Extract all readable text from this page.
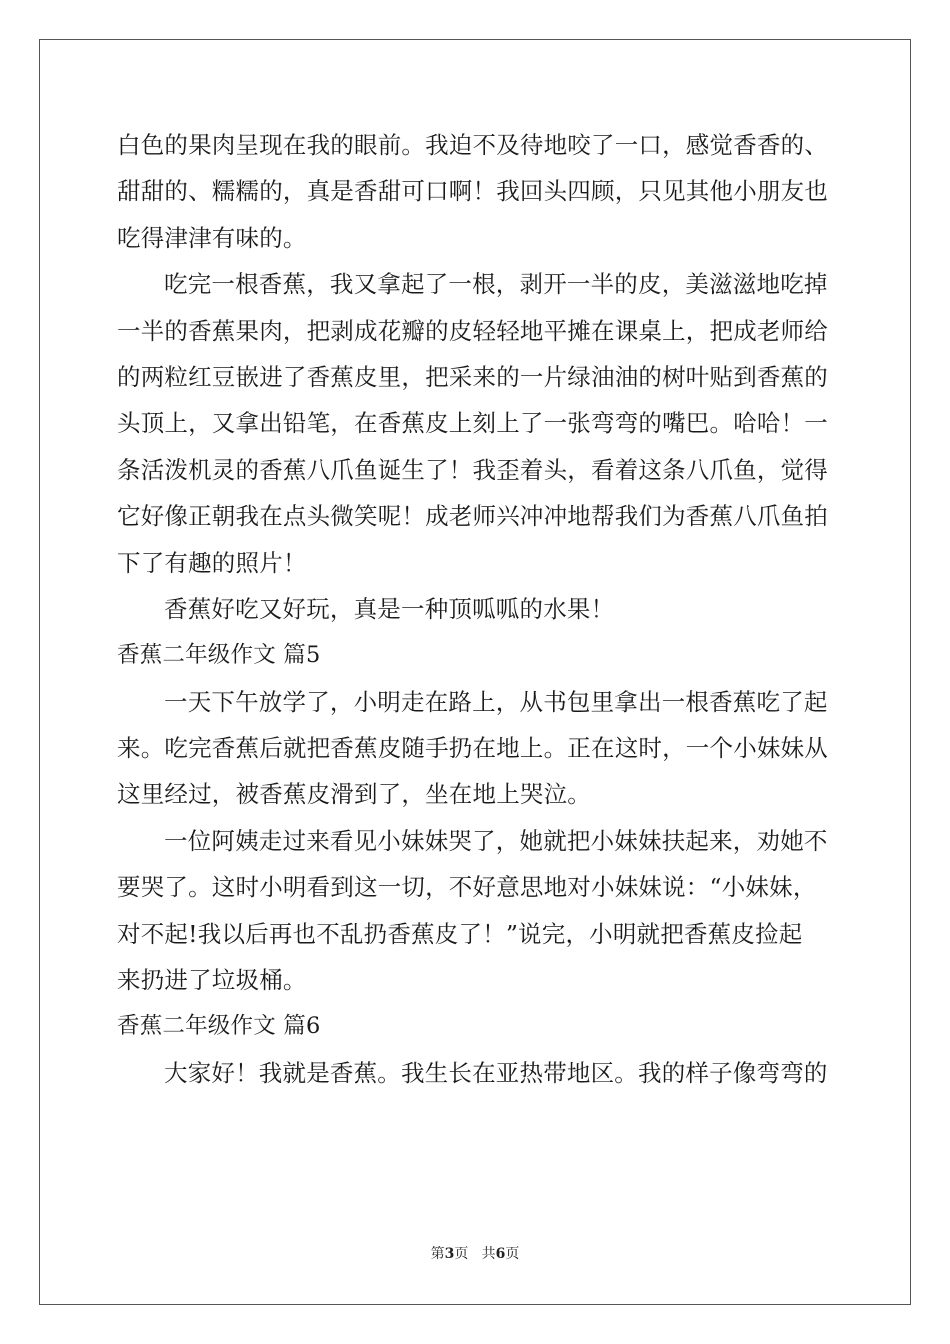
白色的果肉呈现在我的眼前。我迫不及待地咬了一口，感觉香香的、
甜甜的、糯糯的，真是香甜可口啊！我回头四顾，只见其他小朋友也
吃得津津有味的。
吃完一根香蕉，我又拿起了一根，剥开一半的皮，美滋滋地吃掉
一半的香蕉果肉，把剥成花瓣的皮轻轻地平摊在课桌上，把成老师给
的两粒红豆嵌进了香蕉皮里，把采来的一片绿油油的树叶贴到香蕉的
头顶上，又拿出铅笔，在香蕉皮上刻上了一张弯弯的嘴巴。哈哈！一
条活泼机灵的香蕉八爪鱼诞生了！我歪着头，看着这条八爪鱼，觉得
它好像正朝我在点头微笑呢！成老师兴冲冲地帮我们为香蕉八爪鱼拍
下了有趣的照片！
香蕉好吃又好玩，真是一种顶呱呱的水果！
香蕉二年级作文 篇5
一天下午放学了，小明走在路上，从书包里拿出一根香蕉吃了起
来。吃完香蕉后就把香蕉皮随手扔在地上。正在这时，一个小妹妹从
这里经过，被香蕉皮滑到了，坐在地上哭泣。
一位阿姨走过来看见小妹妹哭了，她就把小妹妹扶起来，劝她不
要哭了。这时小明看到这一切，不好意思地对小妹妹说：“小妹妹，
对不起!我以后再也不乱扔香蕉皮了！”说完，小明就把香蕉皮捡起
来扔进了垃圾桶。
香蕉二年级作文 篇6
大家好！我就是香蕉。我生长在亚热带地区。我的样子像弯弯的
第3页   共6页
